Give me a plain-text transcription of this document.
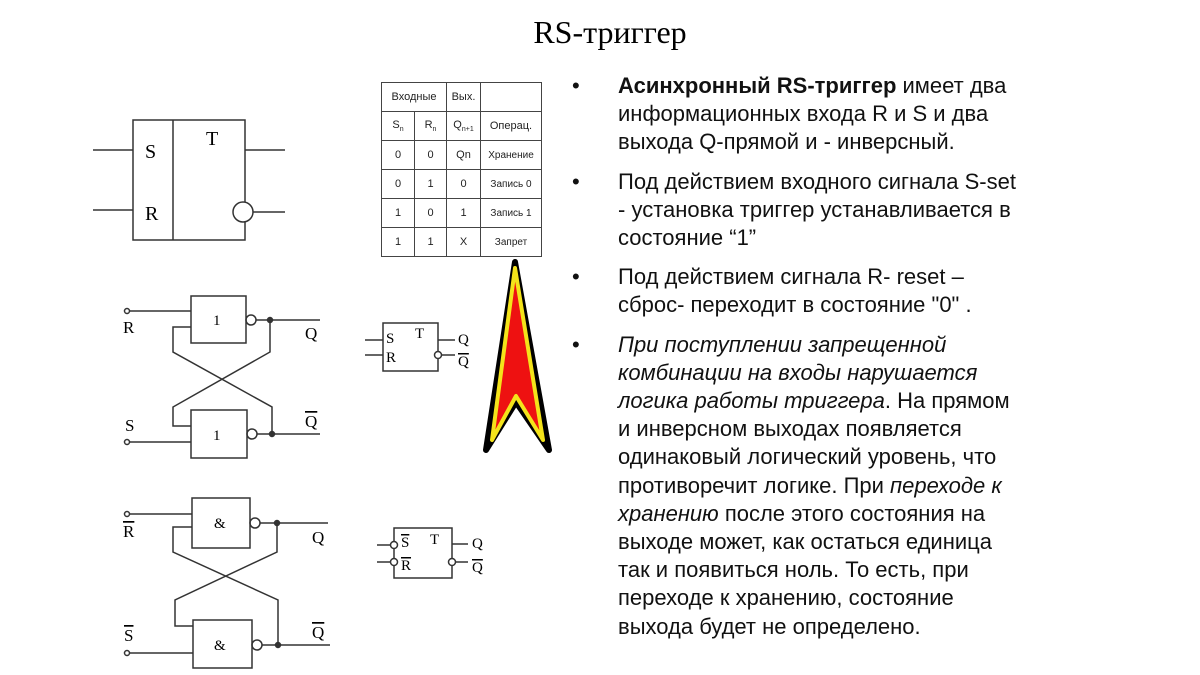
RS-триггер
S
R
T
1
1
R
S
Q
Q
&
&
R
S
Q
Q
S
R
T Q
Q
S
R
T Q
Q
Входные		Вых.	
$S_n$	$R_n$	$Q_{n+1}$	Операц.
0	0	Qn	Хранение
0	1	0	Запись 0
1	0	1	Запись 1
1	1	X	Запрет
• Асинхронный RS-триггер имеет два
информационных входа R и S и два
выхода Q-прямой и - инверсный.
• Под действием входного сигнала S-set
- установка триггер устанавливается в
состояние “1”
• Под действием сигнала R- reset –
сброс- переходит в состояние "0" .
• При поступлении запрещенной
комбинации на входы нарушается
логика работы триггера. На прямом
и инверсном выходах появляется
одинаковый логический уровень, что
противоречит логике. При переходе к
хранению после этого состояния на
выходе может, как остаться единица
так и появиться ноль. То есть, при
переходе к хранению, состояние
выхода будет не определено.
